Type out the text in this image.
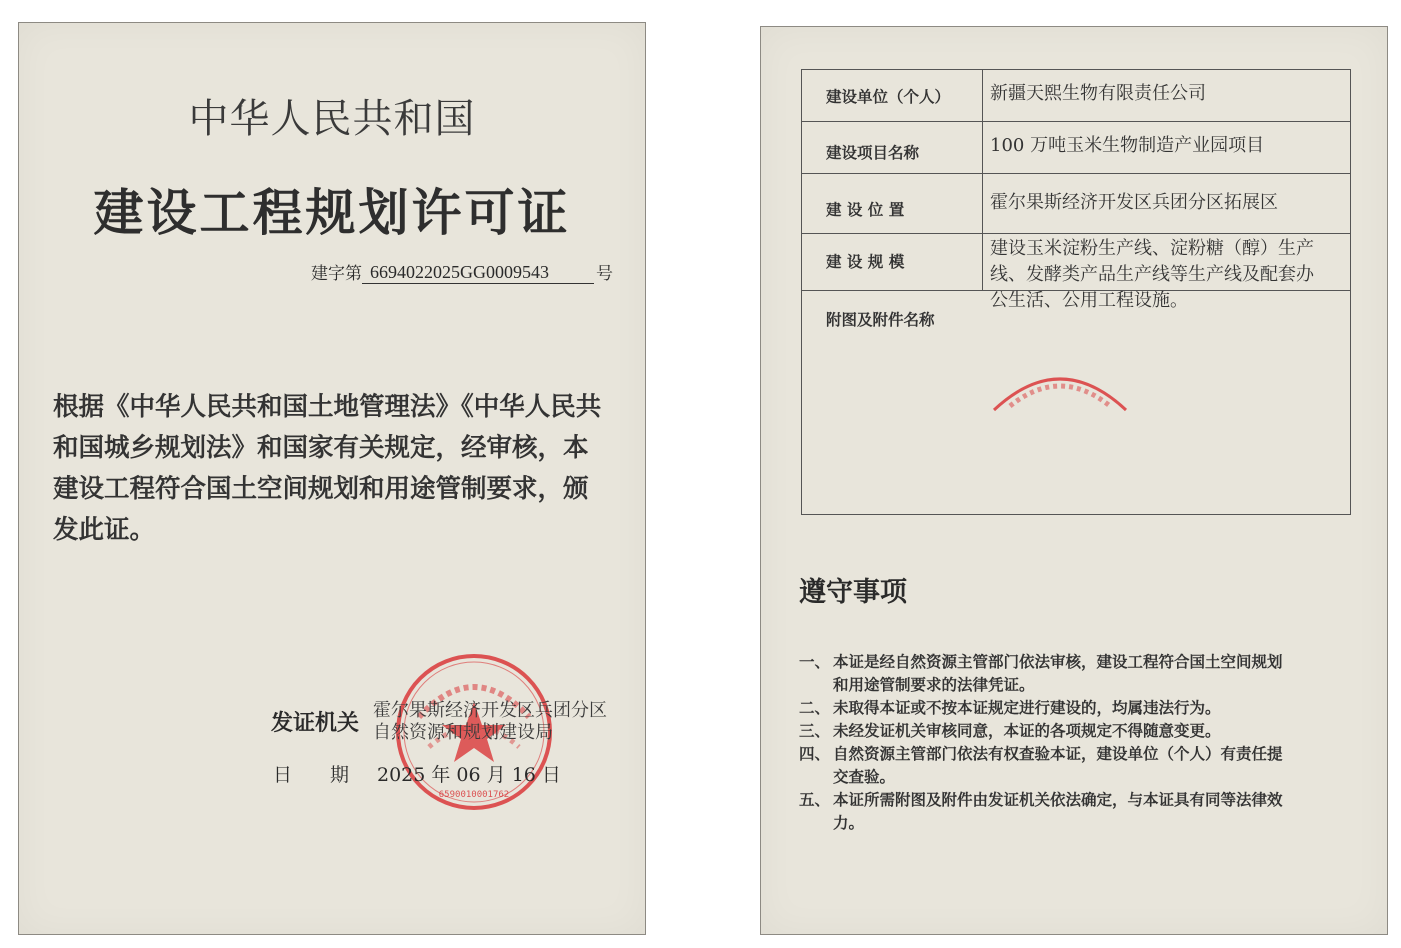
中华人民共和国
建设工程规划许可证
建字第 6694022025GG0009543	号
根据《中华人民共和国土地管理法》《中华人民共和国城乡规划法》和国家有关规定，经审核，本建设工程符合国土空间规划和用途管制要求，颁发此证。
6590010001762
发证机关
霍尔果斯经济开发区兵团分区
自然资源和规划建设局
日期
2025 年 06 月 16 日
建设单位（个人） 新疆天熙生物有限责任公司
建设项目名称	100 万吨玉米生物制造产业园项目
建 设 位 置	霍尔果斯经济开发区兵团分区拓展区
建 设 规 模
建设玉米淀粉生产线、淀粉糖（醇）生产
线、发酵类产品生产线等生产线及配套办
公生活、公用工程设施。
附图及附件名称
遵守事项
一、 本证是经自然资源主管部门依法审核，建设工程符合国土空间规划
和用途管制要求的法律凭证。
二、 未取得本证或不按本证规定进行建设的，均属违法行为。
三、 未经发证机关审核同意，本证的各项规定不得随意变更。
四、 自然资源主管部门依法有权查验本证，建设单位（个人）有责任提
交查验。
五、 本证所需附图及附件由发证机关依法确定，与本证具有同等法律效
力。
